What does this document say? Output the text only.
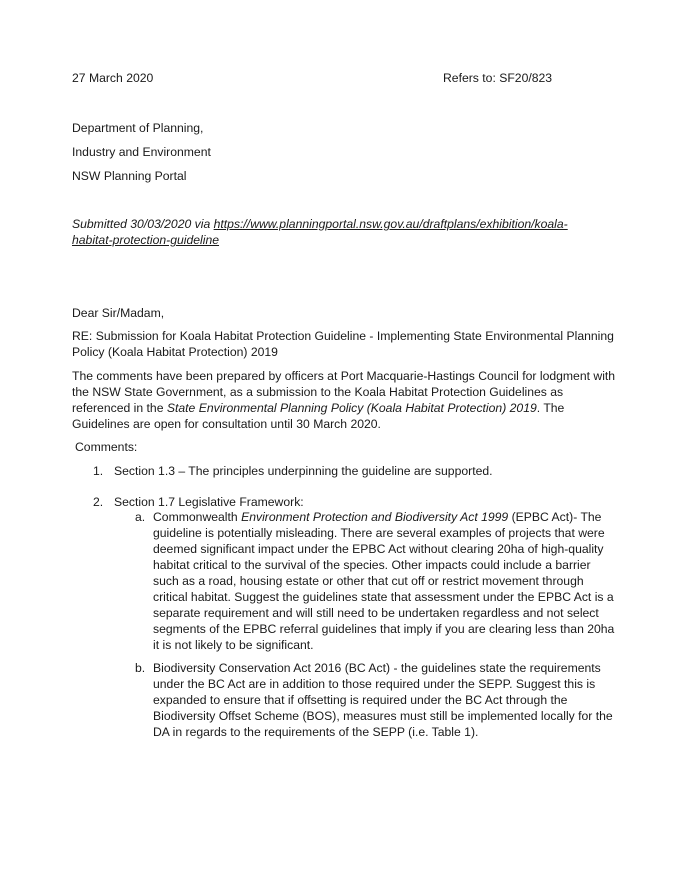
27 March 2020	Refers to: SF20/823
Department of Planning,
Industry and Environment
NSW Planning Portal
Submitted 30/03/2020 via https://www.planningportal.nsw.gov.au/draftplans/exhibition/koala-
habitat-protection-guideline
Dear Sir/Madam,
RE: Submission for Koala Habitat Protection Guideline - Implementing State Environmental Planning
Policy (Koala Habitat Protection) 2019
The comments have been prepared by officers at Port Macquarie-Hastings Council for lodgment with
the NSW State Government, as a submission to the Koala Habitat Protection Guidelines as
referenced in the State Environmental Planning Policy (Koala Habitat Protection) 2019. The
Guidelines are open for consultation until 30 March 2020.
Comments:
1. Section 1.3 – The principles underpinning the guideline are supported.
2. Section 1.7 Legislative Framework:
a. Commonwealth Environment Protection and Biodiversity Act 1999 (EPBC Act)- The
guideline is potentially misleading. There are several examples of projects that were
deemed significant impact under the EPBC Act without clearing 20ha of high-quality
habitat critical to the survival of the species. Other impacts could include a barrier
such as a road, housing estate or other that cut off or restrict movement through
critical habitat. Suggest the guidelines state that assessment under the EPBC Act is a
separate requirement and will still need to be undertaken regardless and not select
segments of the EPBC referral guidelines that imply if you are clearing less than 20ha
it is not likely to be significant.
b. Biodiversity Conservation Act 2016 (BC Act) - the guidelines state the requirements
under the BC Act are in addition to those required under the SEPP. Suggest this is
expanded to ensure that if offsetting is required under the BC Act through the
Biodiversity Offset Scheme (BOS), measures must still be implemented locally for the
DA in regards to the requirements of the SEPP (i.e. Table 1).
